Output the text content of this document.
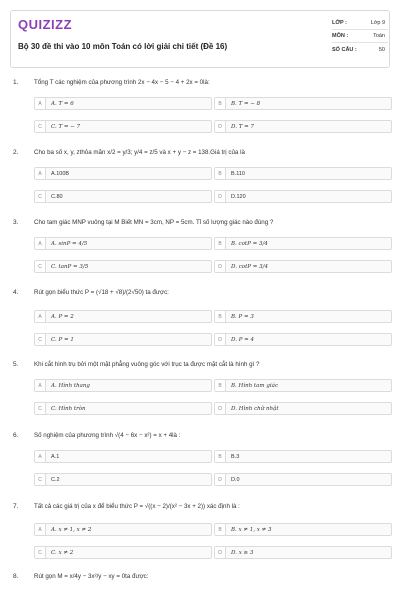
QUIZIZZ
Bộ 30 đề thi vào 10 môn Toán có lời giải chi tiết (Đề 16)
LỚP :	Lớp 9
MÔN :	Toán
SỐ CÂU :	50
1.	Tổng T các nghiệm của phương trình 2x − 4x − 5 − 4 + 2x = 0là:
A	A. T = 6	B	B. T = − 8
C	C. T = − 7	D	D. T = 7
2.	Cho ba số x, y, zthỏa mãn x/2 = y/3; y/4 = z/5 và x + y − z = 138.Giá trị của là
A	A.100B	B	B.110
C	C.80	D	D.120
3.	Cho tam giác MNP vuông tại M Biết MN = 3cm, NP = 5cm. Tỉ số lượng giác nào đúng ?
A	A. sinP = 4/5	B	B. cotP = 3/4
C	C. tanP = 3/5	D	D. cotP = 3/4
4.	Rút gọn biểu thức P = (√18 + √8)/(2√50) ta được:
A	A. P = 2	B	B. P = 3
C	C. P = 1	D	D. P = 4
5.	Khi cắt hình trụ bởi một mặt phẳng vuông góc với trục ta được mặt cắt là hình gì ?
A	A. Hình thang	B	B. Hình tam giác
C	C. Hình tròn	D	D. Hình chữ nhật
6.	Số nghiệm của phương trình √(4 − 6x − x²) = x + 4là :
A	A.1	B	B.3
C	C.2	D	D.0
7.	Tất cả các giá trị của x để biểu thức P = √((x − 2)/(x² − 3x + 2)) xác định là :
A	A. x ≠ 1, x ≠ 2	B	B. x ≠ 1, x ≠ 3
C	C. x ≠ 2	D	D. x ≥ 3
8.	Rút gọn M = x/4y − 3x²/y − xy = 0ta được:
